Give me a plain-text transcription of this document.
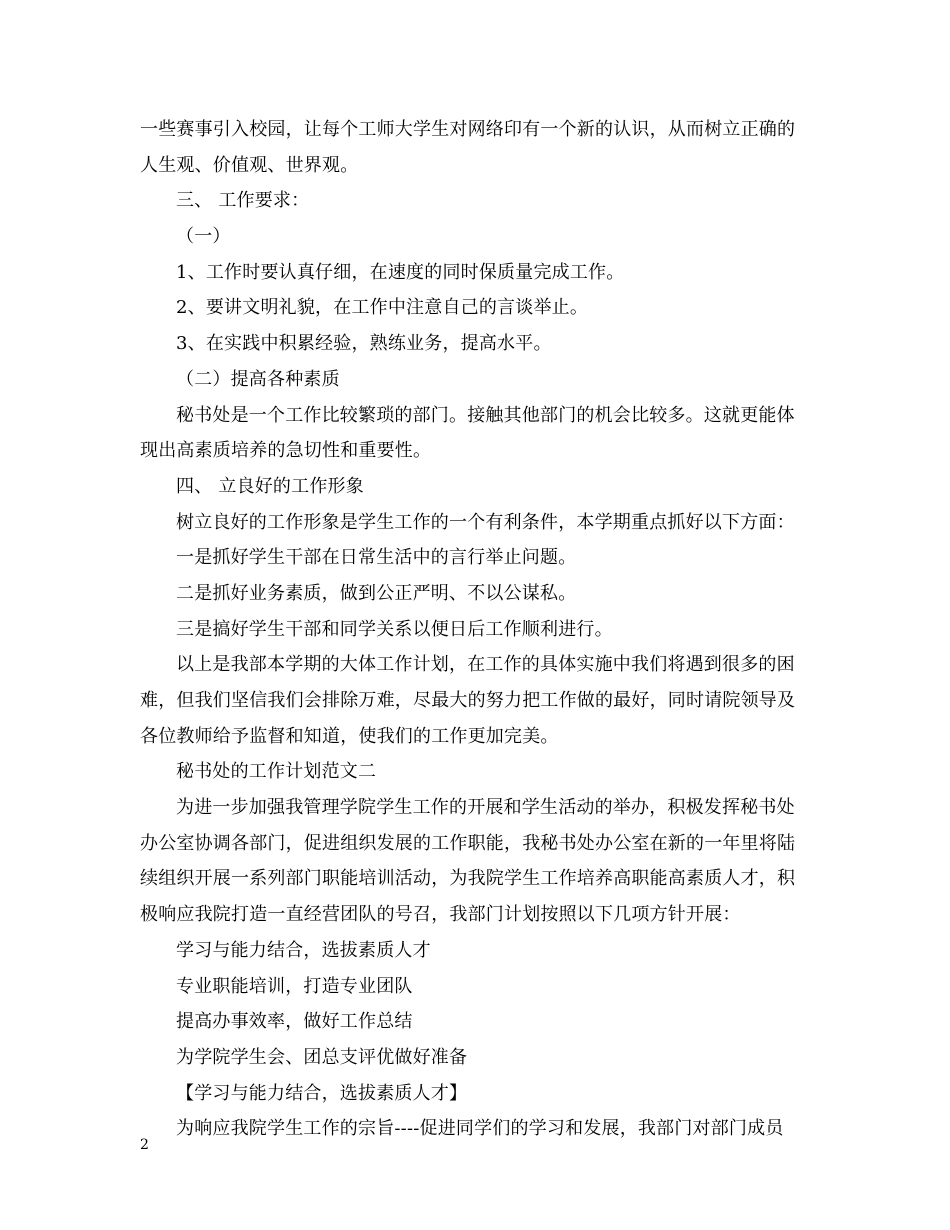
一些赛事引入校园，让每个工师大学生对网络印有一个新的认识，从而树立正确的
人生观、价值观、世界观。
三、 工作要求：
（一）
1、工作时要认真仔细，在速度的同时保质量完成工作。
2、要讲文明礼貌，在工作中注意自己的言谈举止。
3、在实践中积累经验，熟练业务，提高水平。
（二）提高各种素质
秘书处是一个工作比较繁琐的部门。接触其他部门的机会比较多。这就更能体
现出高素质培养的急切性和重要性。
四、 立良好的工作形象
树立良好的工作形象是学生工作的一个有利条件，本学期重点抓好以下方面：
一是抓好学生干部在日常生活中的言行举止问题。
二是抓好业务素质，做到公正严明、不以公谋私。
三是搞好学生干部和同学关系以便日后工作顺利进行。
以上是我部本学期的大体工作计划，在工作的具体实施中我们将遇到很多的困
难，但我们坚信我们会排除万难，尽最大的努力把工作做的最好，同时请院领导及
各位教师给予监督和知道，使我们的工作更加完美。
秘书处的工作计划范文二
为进一步加强我管理学院学生工作的开展和学生活动的举办，积极发挥秘书处
办公室协调各部门，促进组织发展的工作职能，我秘书处办公室在新的一年里将陆
续组织开展一系列部门职能培训活动，为我院学生工作培养高职能高素质人才，积
极响应我院打造一直经营团队的号召，我部门计划按照以下几项方针开展：
学习与能力结合，选拔素质人才
专业职能培训，打造专业团队
提高办事效率，做好工作总结
为学院学生会、团总支评优做好准备
【学习与能力结合，选拔素质人才】
为响应我院学生工作的宗旨----促进同学们的学习和发展，我部门对部门成员
2
